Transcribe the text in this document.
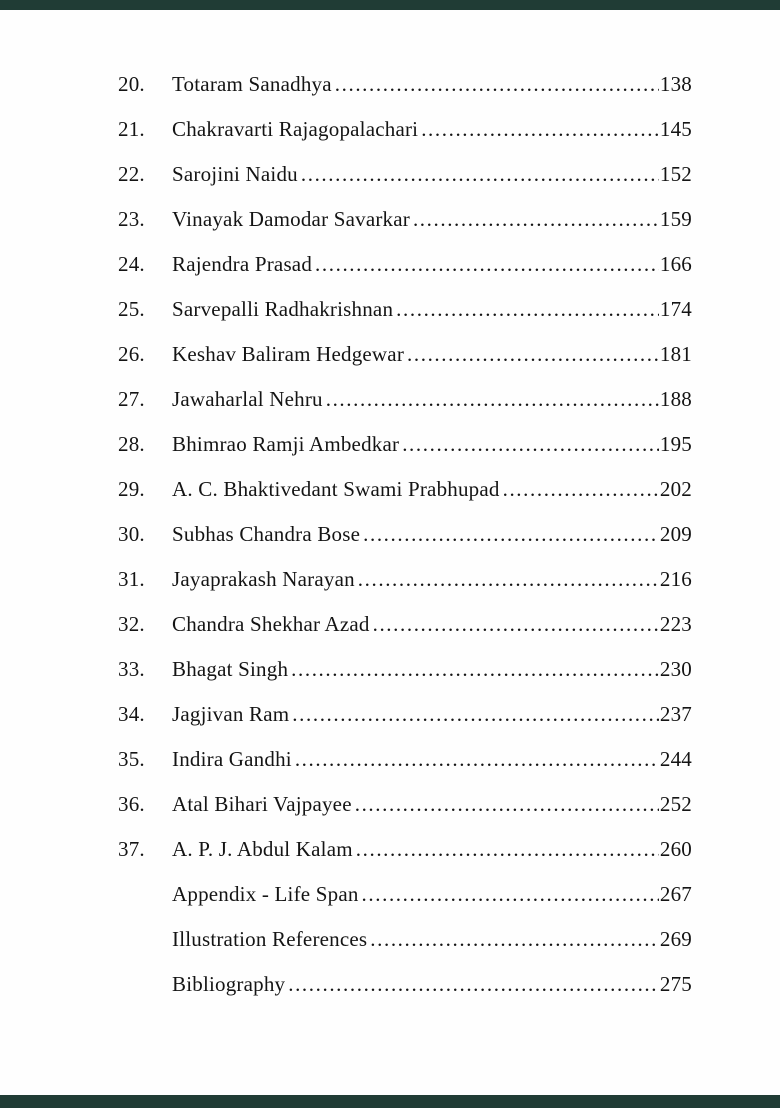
20.	Totaram Sanadhya .....	138
21.	Chakravarti Rajagopalachari .....	145
22.	Sarojini Naidu .....	152
23.	Vinayak Damodar Savarkar .....	159
24.	Rajendra Prasad .....	166
25.	Sarvepalli Radhakrishnan .....	174
26.	Keshav Baliram Hedgewar .....	181
27.	Jawaharlal Nehru .....	188
28.	Bhimrao Ramji Ambedkar .....	195
29.	A. C. Bhaktivedant Swami Prabhupad .....	202
30.	Subhas Chandra Bose .....	209
31.	Jayaprakash Narayan .....	216
32.	Chandra Shekhar Azad .....	223
33.	Bhagat Singh .....	230
34.	Jagjivan Ram .....	237
35.	Indira Gandhi .....	244
36.	Atal Bihari Vajpayee .....	252
37.	A. P. J. Abdul Kalam .....	260
Appendix - Life Span .....	267
Illustration References .....	269
Bibliography .....	275
